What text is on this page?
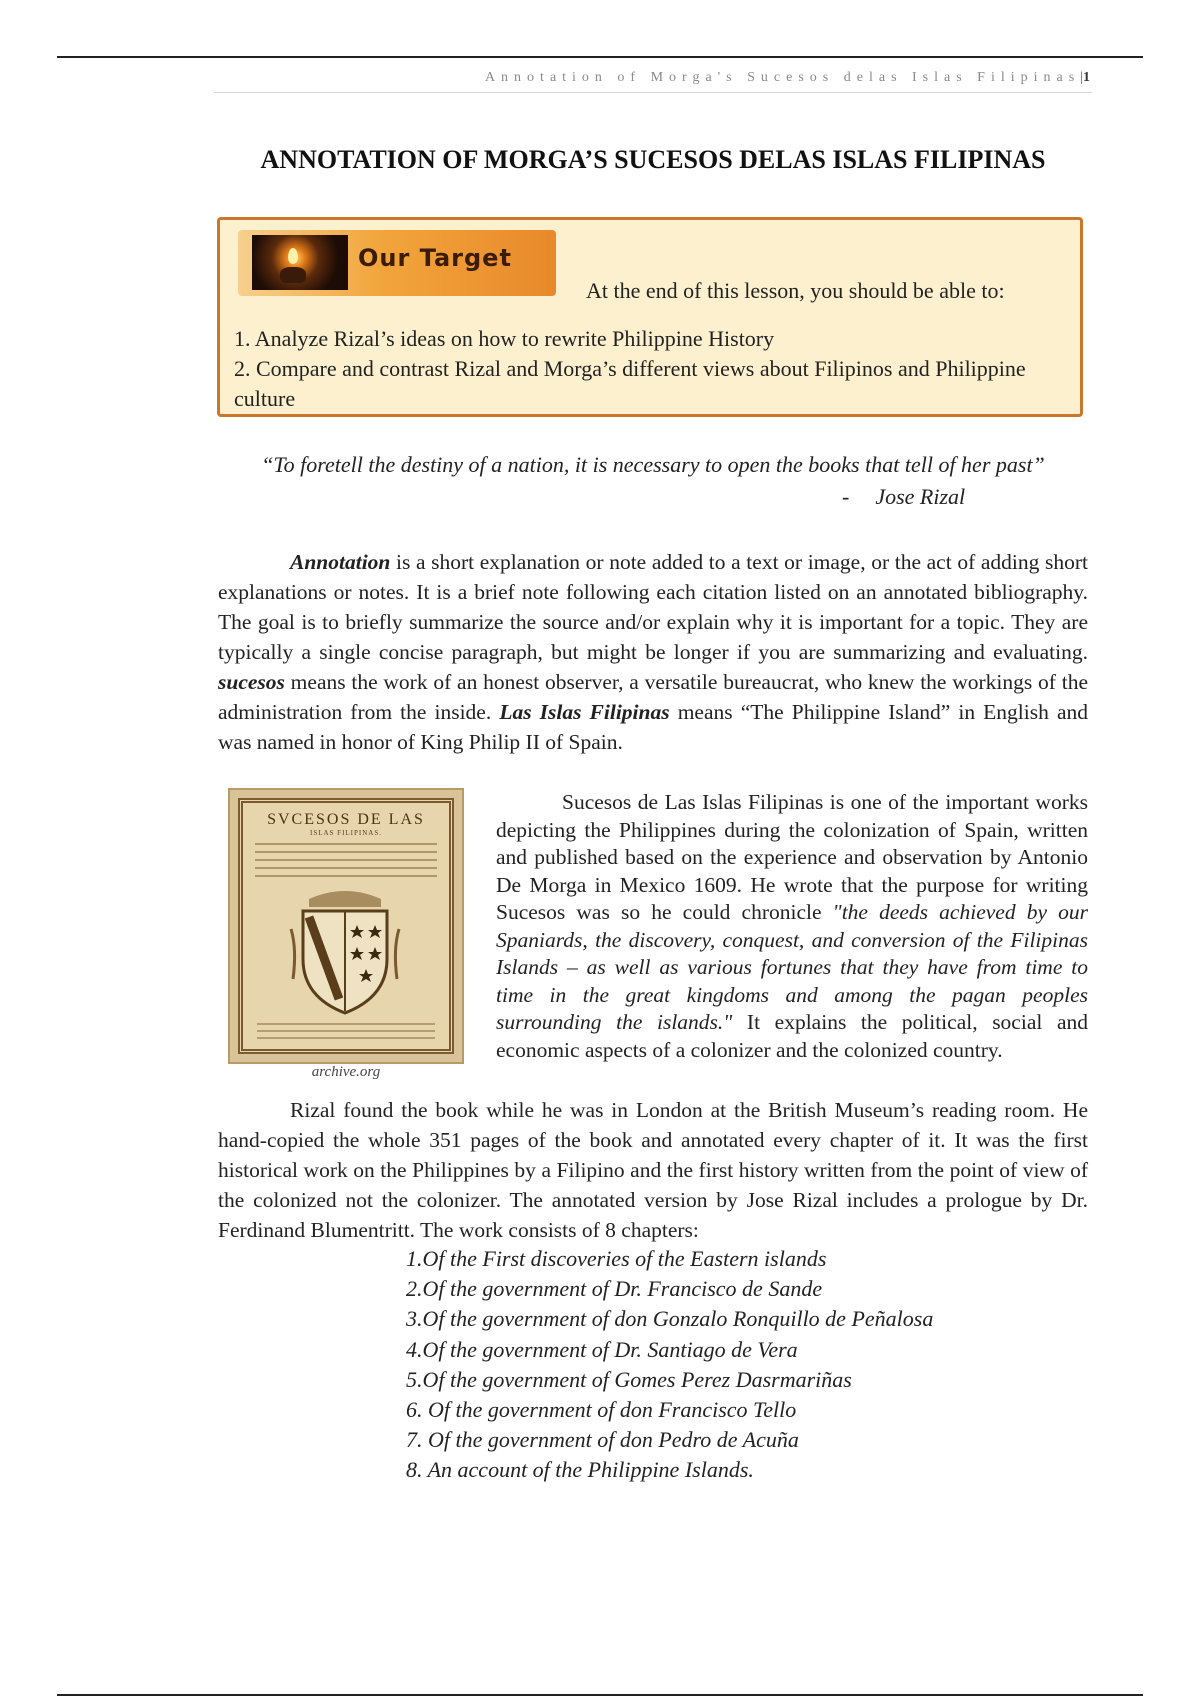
Annotation of Morga's Sucesos delas Islas Filipinas|1
ANNOTATION OF MORGA’S SUCESOS DELAS ISLAS FILIPINAS
Our Target
At the end of this lesson, you should be able to:
1. Analyze Rizal’s ideas on how to rewrite Philippine History
2. Compare and contrast Rizal and Morga’s different views about Filipinos and Philippine culture
“To foretell the destiny of a nation, it is necessary to open the books that tell of her past”
- Jose Rizal
Annotation is a short explanation or note added to a text or image, or the act of adding short explanations or notes. It is a brief note following each citation listed on an annotated bibliography. The goal is to briefly summarize the source and/or explain why it is important for a topic. They are typically a single concise paragraph, but might be longer if you are summarizing and evaluating. sucesos means the work of an honest observer, a versatile bureaucrat, who knew the workings of the administration from the inside. Las Islas Filipinas means “The Philippine Island” in English and was named in honor of King Philip II of Spain.
SVCESOS DE LAS
ISLAS FILIPINAS.
archive.org
Sucesos de Las Islas Filipinas is one of the important works depicting the Philippines during the colonization of Spain, written and published based on the experience and observation by Antonio De Morga in Mexico 1609. He wrote that the purpose for writing Sucesos was so he could chronicle "the deeds achieved by our Spaniards, the discovery, conquest, and conversion of the Filipinas Islands – as well as various fortunes that they have from time to time in the great kingdoms and among the pagan peoples surrounding the islands." It explains the political, social and economic aspects of a colonizer and the colonized country.
Rizal found the book while he was in London at the British Museum’s reading room. He hand-copied the whole 351 pages of the book and annotated every chapter of it. It was the first historical work on the Philippines by a Filipino and the first history written from the point of view of the colonized not the colonizer. The annotated version by Jose Rizal includes a prologue by Dr. Ferdinand Blumentritt. The work consists of 8 chapters:
1.Of the First discoveries of the Eastern islands
2.Of the government of Dr. Francisco de Sande
3.Of the government of don Gonzalo Ronquillo de Peñalosa
4.Of the government of Dr. Santiago de Vera
5.Of the government of Gomes Perez Dasrmariñas
6. Of the government of don Francisco Tello
7. Of the government of don Pedro de Acuña
8. An account of the Philippine Islands.
